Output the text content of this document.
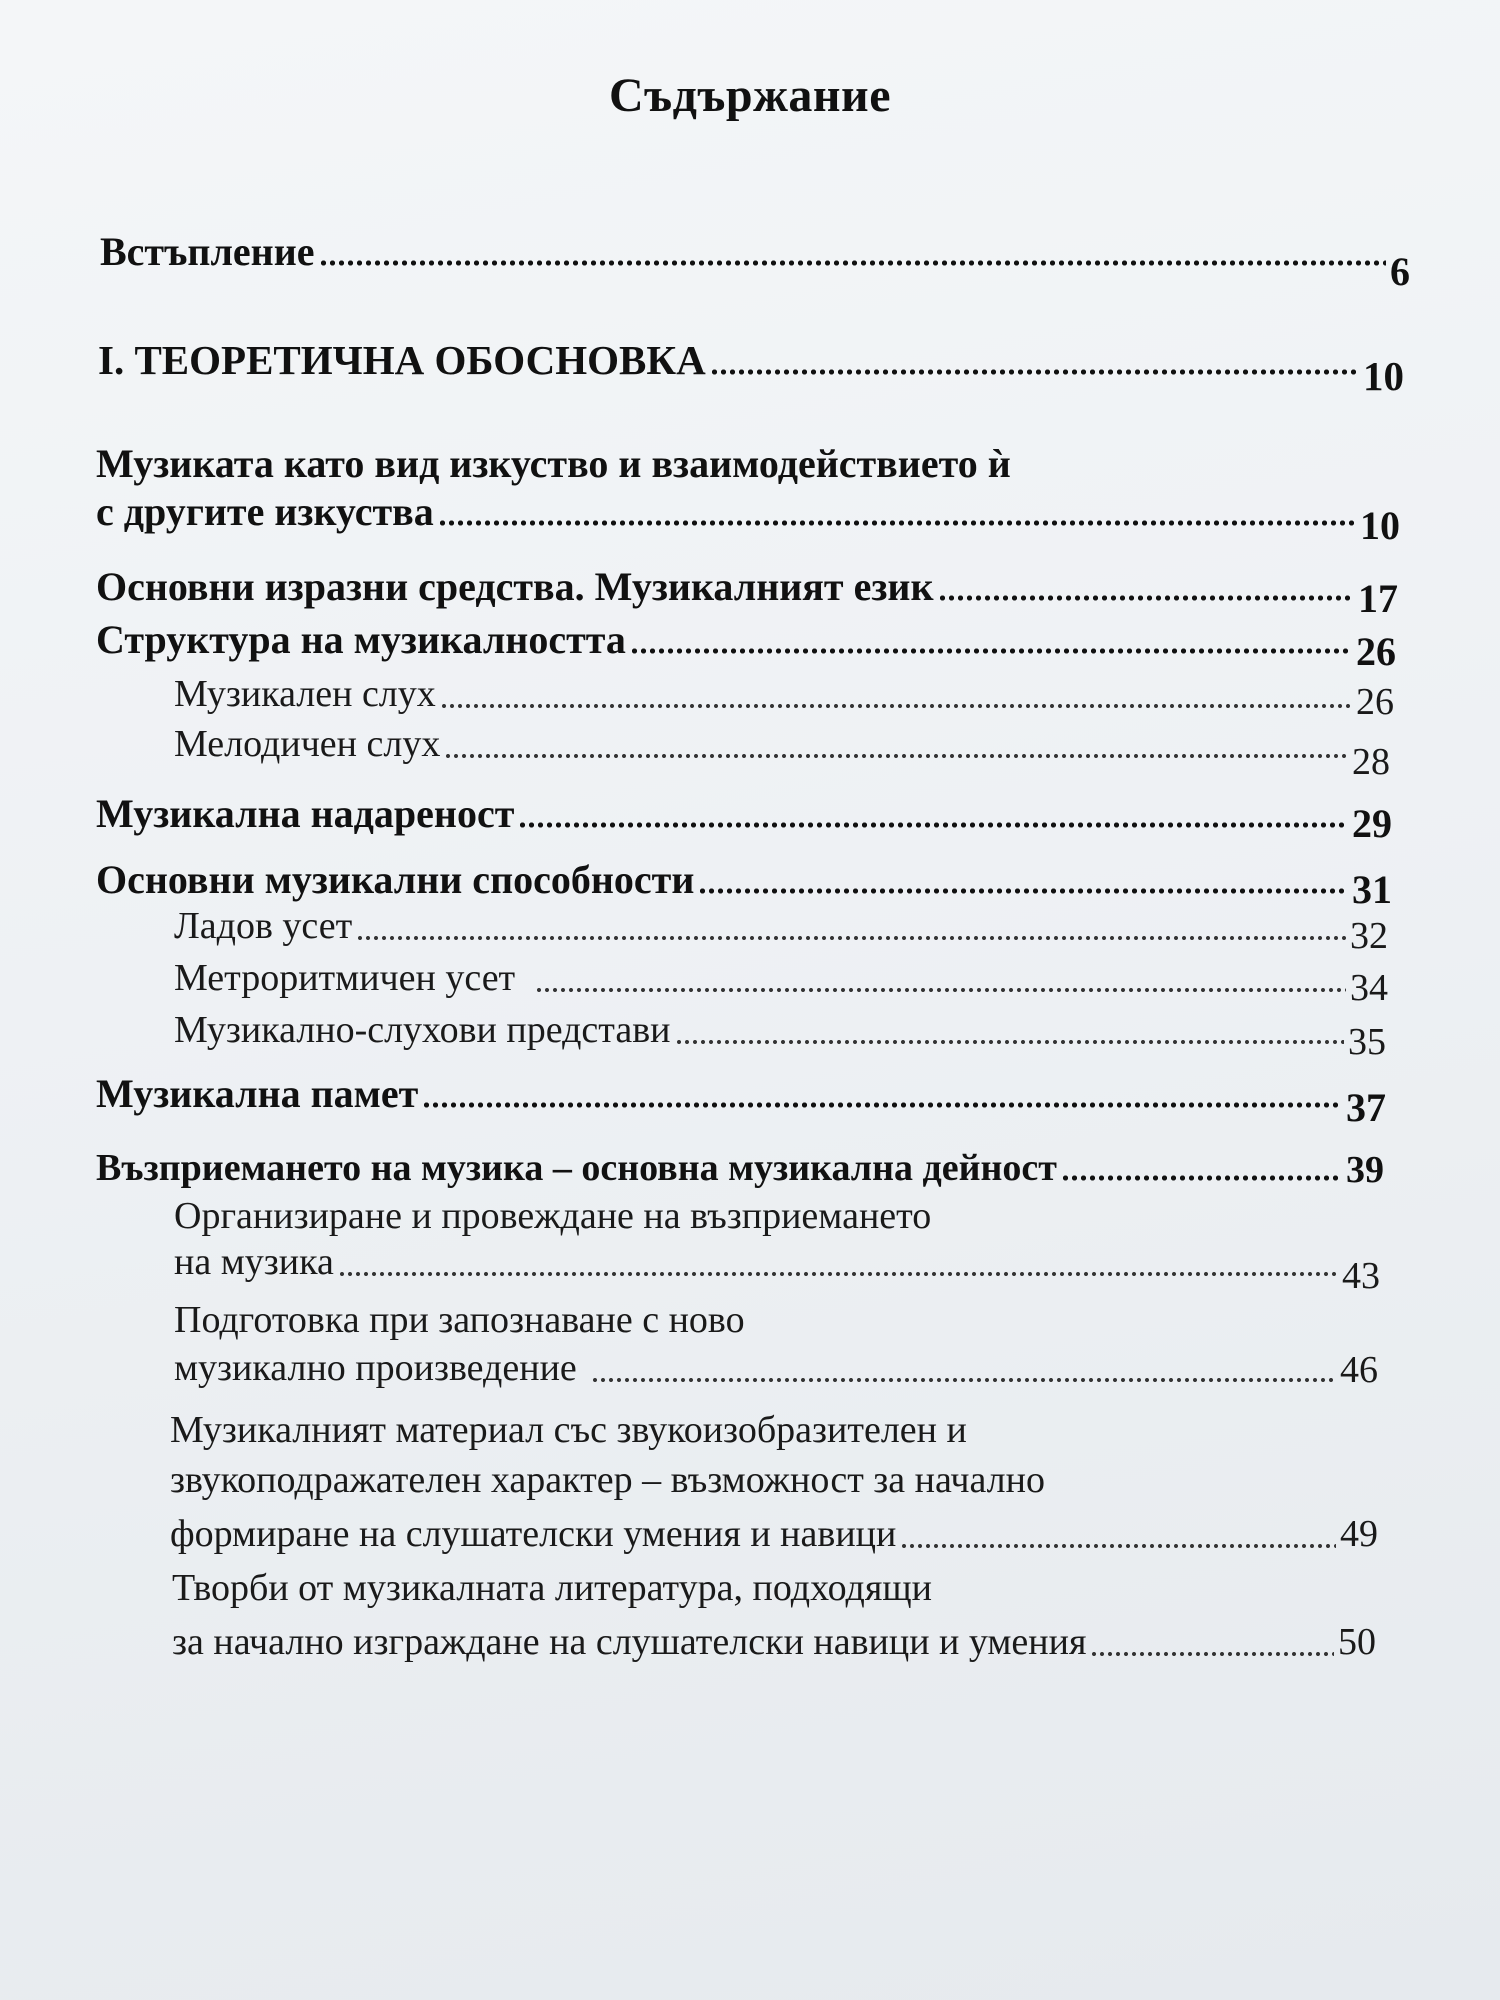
Съдържание
Встъпление	6
I. ТЕОРЕТИЧНА ОБОСНОВКА	10
Музиката като вид изкуство и взаимодействието ѝ
с другите изкуства	10
Основни изразни средства. Музикалният език	17
Структура на музикалността	26
Музикален слух	26
Мелодичен слух	28
Музикална надареност	29
Основни музикални способности	31
Ладов усет	32
Метроритмичен усет	34
Музикално-слухови представи	35
Музикална памет	37
Възприемането на музика – основна музикална дейност	39
Организиране и провеждане на възприемането
на музика	43
Подготовка при запознаване с ново
музикално произведение	46
Музикалният материал със звукоизобразителен и
звукоподражателен характер – възможност за начално
формиране на слушателски умения и навици	49
Творби от музикалната литература, подходящи
за начално изграждане на слушателски навици и умения	50
